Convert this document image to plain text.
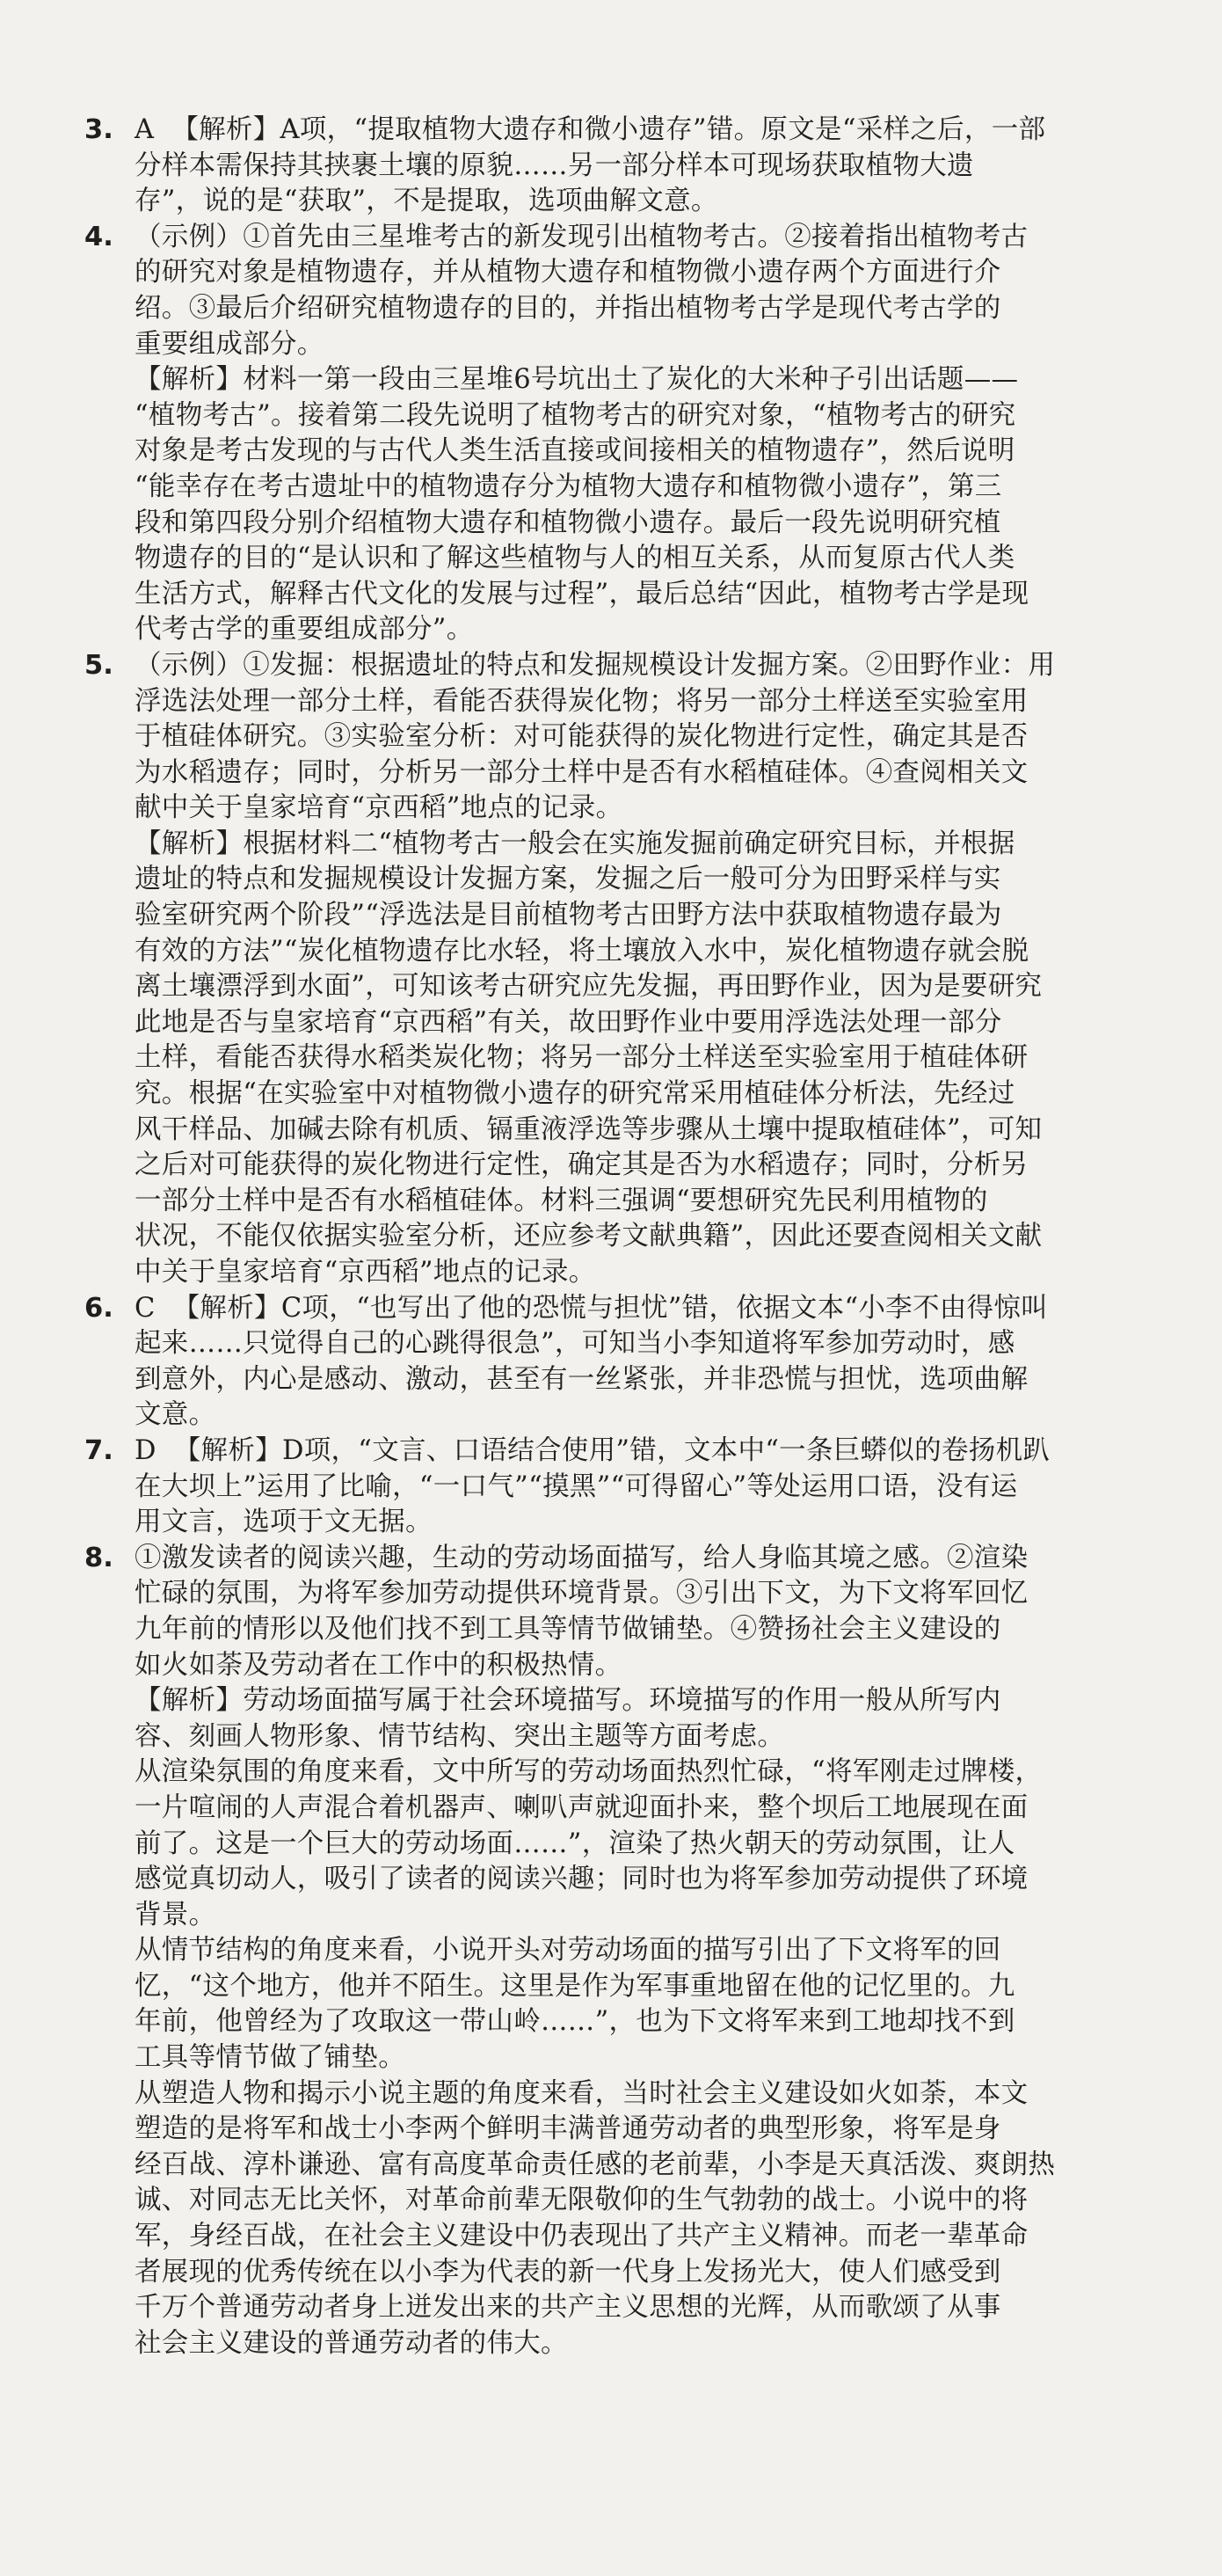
3. A  【解析】A项，“提取植物大遗存和微小遗存”错。原文是“采样之后，一部
分样本需保持其挟裹土壤的原貌……另一部分样本可现场获取植物大遗
存”，说的是“获取”，不是提取，选项曲解文意。
4. （示例）①首先由三星堆考古的新发现引出植物考古。②接着指出植物考古
的研究对象是植物遗存，并从植物大遗存和植物微小遗存两个方面进行介
绍。③最后介绍研究植物遗存的目的，并指出植物考古学是现代考古学的
重要组成部分。
【解析】材料一第一段由三星堆6号坑出土了炭化的大米种子引出话题——
“植物考古”。接着第二段先说明了植物考古的研究对象，“植物考古的研究
对象是考古发现的与古代人类生活直接或间接相关的植物遗存”，然后说明
“能幸存在考古遗址中的植物遗存分为植物大遗存和植物微小遗存”，第三
段和第四段分别介绍植物大遗存和植物微小遗存。最后一段先说明研究植
物遗存的目的“是认识和了解这些植物与人的相互关系，从而复原古代人类
生活方式，解释古代文化的发展与过程”，最后总结“因此，植物考古学是现
代考古学的重要组成部分”。
5. （示例）①发掘：根据遗址的特点和发掘规模设计发掘方案。②田野作业：用
浮选法处理一部分土样，看能否获得炭化物；将另一部分土样送至实验室用
于植硅体研究。③实验室分析：对可能获得的炭化物进行定性，确定其是否
为水稻遗存；同时，分析另一部分土样中是否有水稻植硅体。④查阅相关文
献中关于皇家培育“京西稻”地点的记录。
【解析】根据材料二“植物考古一般会在实施发掘前确定研究目标，并根据
遗址的特点和发掘规模设计发掘方案，发掘之后一般可分为田野采样与实
验室研究两个阶段”“浮选法是目前植物考古田野方法中获取植物遗存最为
有效的方法”“炭化植物遗存比水轻，将土壤放入水中，炭化植物遗存就会脱
离土壤漂浮到水面”，可知该考古研究应先发掘，再田野作业，因为是要研究
此地是否与皇家培育“京西稻”有关，故田野作业中要用浮选法处理一部分
土样，看能否获得水稻类炭化物；将另一部分土样送至实验室用于植硅体研
究。根据“在实验室中对植物微小遗存的研究常采用植硅体分析法，先经过
风干样品、加碱去除有机质、镉重液浮选等步骤从土壤中提取植硅体”，可知
之后对可能获得的炭化物进行定性，确定其是否为水稻遗存；同时，分析另
一部分土样中是否有水稻植硅体。材料三强调“要想研究先民利用植物的
状况，不能仅依据实验室分析，还应参考文献典籍”，因此还要查阅相关文献
中关于皇家培育“京西稻”地点的记录。
6. C  【解析】C项，“也写出了他的恐慌与担忧”错，依据文本“小李不由得惊叫
起来……只觉得自己的心跳得很急”，可知当小李知道将军参加劳动时，感
到意外，内心是感动、激动，甚至有一丝紧张，并非恐慌与担忧，选项曲解
文意。
7. D  【解析】D项，“文言、口语结合使用”错，文本中“一条巨蟒似的卷扬机趴
在大坝上”运用了比喻，“一口气”“摸黑”“可得留心”等处运用口语，没有运
用文言，选项于文无据。
8. ①激发读者的阅读兴趣，生动的劳动场面描写，给人身临其境之感。②渲染
忙碌的氛围，为将军参加劳动提供环境背景。③引出下文，为下文将军回忆
九年前的情形以及他们找不到工具等情节做铺垫。④赞扬社会主义建设的
如火如荼及劳动者在工作中的积极热情。
【解析】劳动场面描写属于社会环境描写。环境描写的作用一般从所写内
容、刻画人物形象、情节结构、突出主题等方面考虑。
从渲染氛围的角度来看，文中所写的劳动场面热烈忙碌，“将军刚走过牌楼，
一片喧闹的人声混合着机器声、喇叭声就迎面扑来，整个坝后工地展现在面
前了。这是一个巨大的劳动场面……”，渲染了热火朝天的劳动氛围，让人
感觉真切动人，吸引了读者的阅读兴趣；同时也为将军参加劳动提供了环境
背景。
从情节结构的角度来看，小说开头对劳动场面的描写引出了下文将军的回
忆，“这个地方，他并不陌生。这里是作为军事重地留在他的记忆里的。九
年前，他曾经为了攻取这一带山岭……”，也为下文将军来到工地却找不到
工具等情节做了铺垫。
从塑造人物和揭示小说主题的角度来看，当时社会主义建设如火如荼，本文
塑造的是将军和战士小李两个鲜明丰满普通劳动者的典型形象，将军是身
经百战、淳朴谦逊、富有高度革命责任感的老前辈，小李是天真活泼、爽朗热
诚、对同志无比关怀，对革命前辈无限敬仰的生气勃勃的战士。小说中的将
军，身经百战，在社会主义建设中仍表现出了共产主义精神。而老一辈革命
者展现的优秀传统在以小李为代表的新一代身上发扬光大，使人们感受到
千万个普通劳动者身上迸发出来的共产主义思想的光辉，从而歌颂了从事
社会主义建设的普通劳动者的伟大。
